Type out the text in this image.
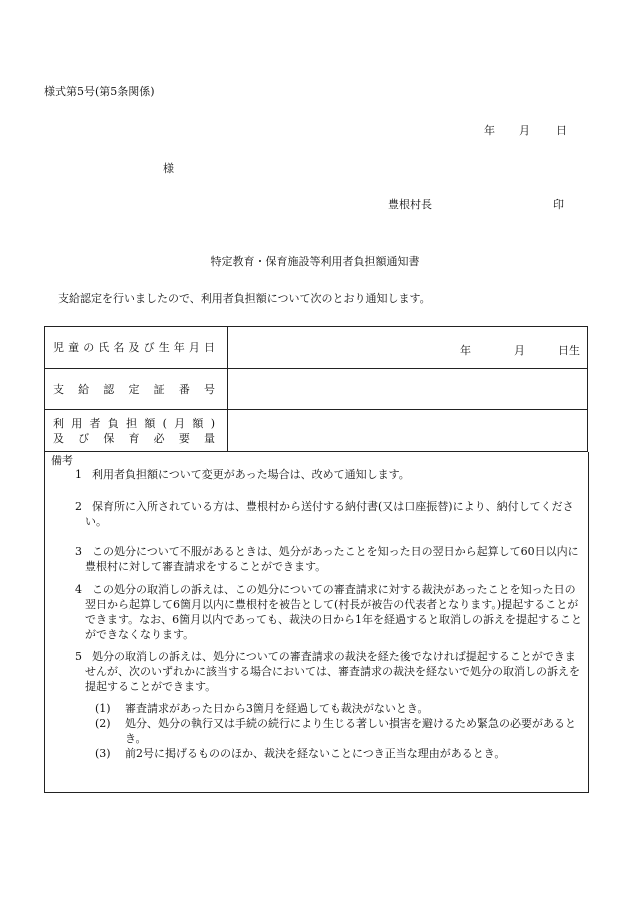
様式第5号(第5条関係)
年 月 日
様
豊根村長	印
特定教育・保育施設等利用者負担額通知書
支給認定を行いましたので、利用者負担額について次のとおり通知します。
児童の氏名及び生年月日	年 月 日生

支給認定証番号	

利用者負担額(月額)
及び保育必要量	

備考
1 利用者負担額について変更があった場合は、改めて通知します。
2 保育所に入所されている方は、豊根村から送付する納付書(又は口座振替)により、納付してください。
3 この処分について不服があるときは、処分があったことを知った日の翌日から起算して60日以内に豊根村に対して審査請求をすることができます。
4 この処分の取消しの訴えは、この処分についての審査請求に対する裁決があったことを知った日の翌日から起算して6箇月以内に豊根村を被告として(村長が被告の代表者となります。)提起することができます。なお、6箇月以内であっても、裁決の日から1年を経過すると取消しの訴えを提起することができなくなります。
5 処分の取消しの訴えは、処分についての審査請求の裁決を経た後でなければ提起することができませんが、次のいずれかに該当する場合においては、審査請求の裁決を経ないで処分の取消しの訴えを提起することができます。
(1)	審査請求があった日から3箇月を経過しても裁決がないとき。
(2)	処分、処分の執行又は手続の続行により生じる著しい損害を避けるため緊急の必要があるとき。
(3)	前2号に掲げるもののほか、裁決を経ないことにつき正当な理由があるとき。
